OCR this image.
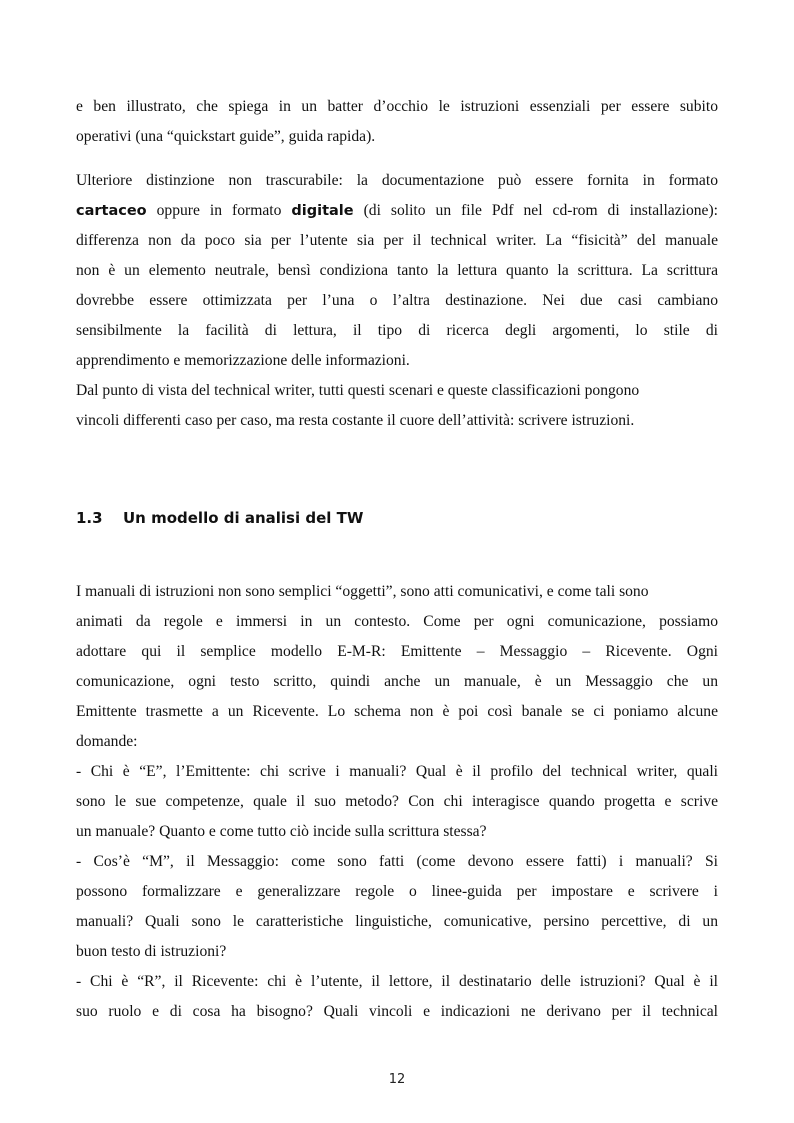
e ben illustrato, che spiega in un batter d’occhio le istruzioni essenziali per essere subito
operativi (una “quickstart guide”, guida rapida).
Ulteriore distinzione non trascurabile: la documentazione può essere fornita in formato
cartaceo oppure in formato digitale (di solito un file Pdf nel cd-rom di installazione):
differenza non da poco sia per l’utente sia per il technical writer. La “fisicità” del manuale
non è un elemento neutrale, bensì condiziona tanto la lettura quanto la scrittura. La scrittura
dovrebbe essere ottimizzata per l’una o l’altra destinazione. Nei due casi cambiano
sensibilmente la facilità di lettura, il tipo di ricerca degli argomenti, lo stile di
apprendimento e memorizzazione delle informazioni.
Dal punto di vista del technical writer, tutti questi scenari e queste classificazioni pongono
vincoli differenti caso per caso, ma resta costante il cuore dell’attività: scrivere istruzioni.
1.3 Un modello di analisi del TW
I manuali di istruzioni non sono semplici “oggetti”, sono atti comunicativi, e come tali sono
animati da regole e immersi in un contesto. Come per ogni comunicazione, possiamo
adottare qui il semplice modello E-M-R: Emittente – Messaggio – Ricevente. Ogni
comunicazione, ogni testo scritto, quindi anche un manuale, è un Messaggio che un
Emittente trasmette a un Ricevente. Lo schema non è poi così banale se ci poniamo alcune
domande:
- Chi è “E”, l’Emittente: chi scrive i manuali? Qual è il profilo del technical writer, quali
sono le sue competenze, quale il suo metodo? Con chi interagisce quando progetta e scrive
un manuale? Quanto e come tutto ciò incide sulla scrittura stessa?
- Cos’è “M”, il Messaggio: come sono fatti (come devono essere fatti) i manuali? Si
possono formalizzare e generalizzare regole o linee-guida per impostare e scrivere i
manuali? Quali sono le caratteristiche linguistiche, comunicative, persino percettive, di un
buon testo di istruzioni?
- Chi è “R”, il Ricevente: chi è l’utente, il lettore, il destinatario delle istruzioni? Qual è il
suo ruolo e di cosa ha bisogno? Quali vincoli e indicazioni ne derivano per il technical
12
